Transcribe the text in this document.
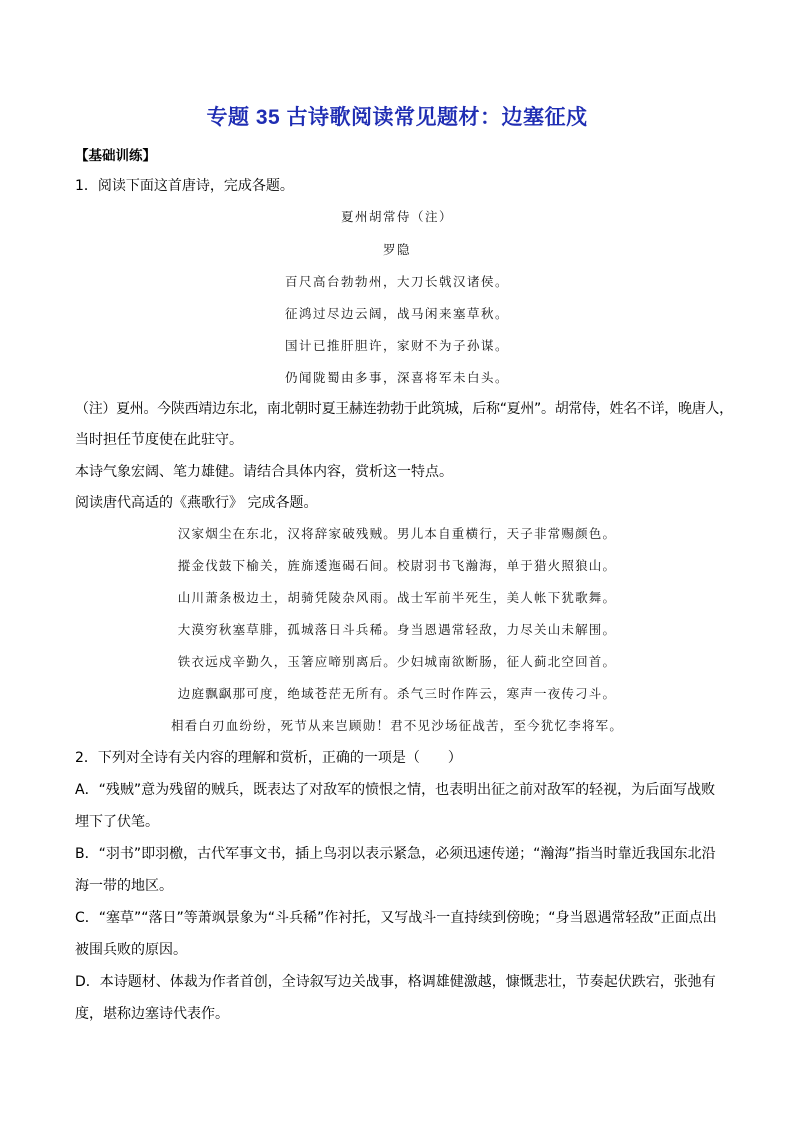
专题 35 古诗歌阅读常见题材：边塞征戍
【基础训练】
1．阅读下面这首唐诗，完成各题。
夏州胡常侍（注）
罗隐
百尺高台勃勃州，大刀长戟汉诸侯。
征鸿过尽边云阔，战马闲来塞草秋。
国计已推肝胆许，家财不为子孙谋。
仍闻陇蜀由多事，深喜将军未白头。
（注）夏州。今陕西靖边东北，南北朝时夏王赫连勃勃于此筑城，后称“夏州”。胡常侍，姓名不详，晚唐人，
当时担任节度使在此驻守。
本诗气象宏阔、笔力雄健。请结合具体内容，赏析这一特点。
阅读唐代高适的《燕歌行》 完成各题。
汉家烟尘在东北，汉将辞家破残贼。男儿本自重横行，天子非常赐颜色。
摐金伐鼓下榆关，旌旆逶迤碣石间。校尉羽书飞瀚海，单于猎火照狼山。
山川萧条极边土，胡骑凭陵杂风雨。战士军前半死生，美人帐下犹歌舞。
大漠穷秋塞草腓，孤城落日斗兵稀。身当恩遇常轻敌，力尽关山未解围。
铁衣远戍辛勤久，玉箸应啼别离后。少妇城南欲断肠，征人蓟北空回首。
边庭飘飖那可度，绝域苍茫无所有。杀气三时作阵云，寒声一夜传刁斗。
相看白刃血纷纷，死节从来岂顾勋！君不见沙场征战苦，至今犹忆李将军。
2．下列对全诗有关内容的理解和赏析，正确的一项是（　　）
A．“残贼”意为残留的贼兵，既表达了对敌军的愤恨之情，也表明出征之前对敌军的轻视，为后面写战败埋下了伏笔。
B．“羽书”即羽檄，古代军事文书，插上鸟羽以表示紧急，必须迅速传递；“瀚海”指当时靠近我国东北沿海一带的地区。
C．“塞草”“落日”等萧飒景象为“斗兵稀”作衬托，又写战斗一直持续到傍晚；“身当恩遇常轻敌”正面点出被围兵败的原因。
D．本诗题材、体裁为作者首创，全诗叙写边关战事，格调雄健激越，慷慨悲壮，节奏起伏跌宕，张弛有度，堪称边塞诗代表作。
